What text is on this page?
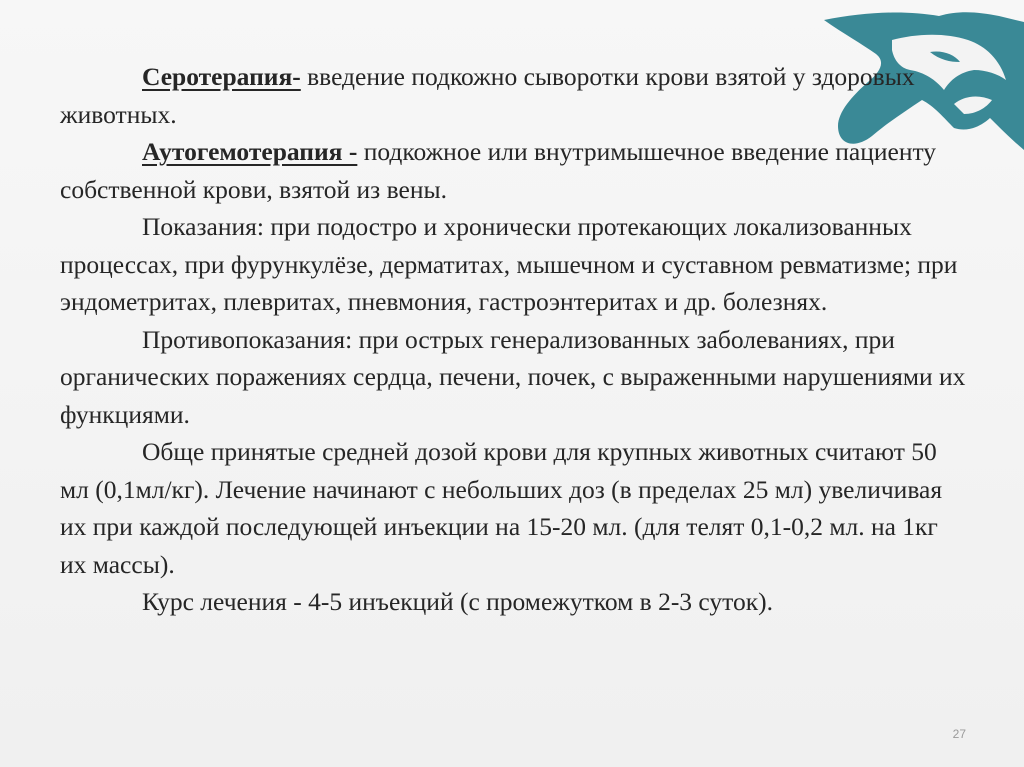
Серотерапия- введение подкожно сыворотки крови взятой у здоровых животных.

Аутогемотерапия - подкожное или внутримышечное введение пациенту собственной крови, взятой из вены.

Показания: при подостро и хронически протекающих локализованных процессах, при фурункулёзе, дерматитах, мышечном и суставном ревматизме; при эндометритах, плевритах, пневмония, гастроэнтеритах и др. болезнях.

Противопоказания: при острых генерализованных заболеваниях, при органических поражениях сердца, печени, почек, с выраженными нарушениями их функциями.

Обще принятые средней дозой крови для крупных животных считают 50 мл (0,1мл/кг). Лечение начинают с небольших доз (в пределах 25 мл) увеличивая их при каждой последующей инъекции на 15-20 мл. (для телят 0,1-0,2 мл. на 1кг их массы).

Курс лечения - 4-5 инъекций (с промежутком в 2-3 суток).

27
